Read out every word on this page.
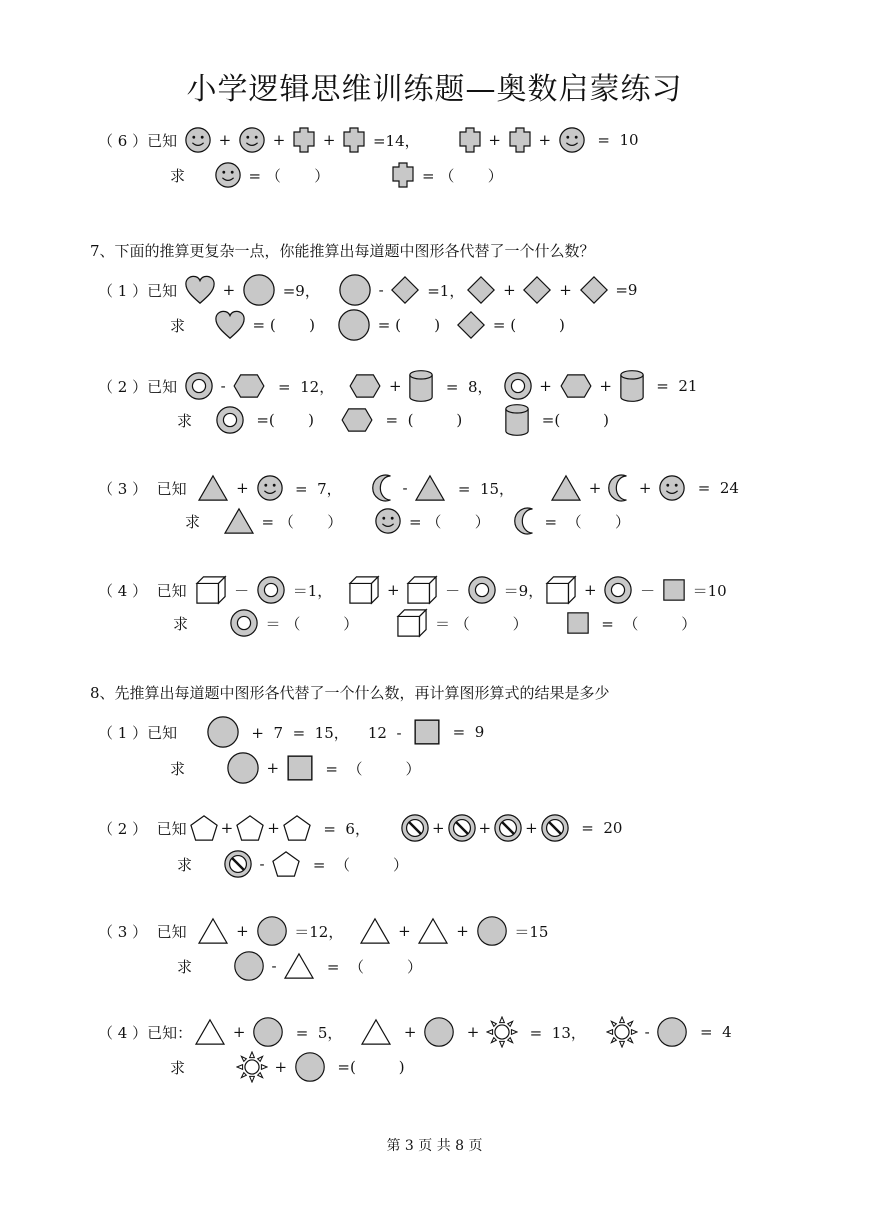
小学逻辑思维训练题—奥数启蒙练习
（ 6 ）已知 + + + =14，	+ + =  10
求	= （       ）	= （       ）
7、下面的推算更复杂一点，你能推算出每道题中图形各代替了一个什么数？
（ 1 ）已知 +	=9，	- =1， + + =9
求	= (       )	= (       )	= (         )
（ 2 ）已知 -	=  12，	+ =  8，	+	+ =  21
求	=(       )	=  (         )	=(         )
（ 3 ）  已知	+ =  7，	- =  15，	+ + =  24
求	= （       ）	= （       ）	=  （       ）
（ 4 ）  已知	－ ＝1，	+ － ＝9， + － ＝10
求	＝ （         ）	＝ （         ）	=  （         ）
8、先推算出每道题中图形各代替了一个什么数，再计算图形算式的结果是多少
（ 1 ）已知	+  7  =  15，    12  - =  9
求	+ =  （         ）
（ 2 ）  已知 + + =  6，	+ + + =  20
求	- =  （         ）
（ 3 ）  已知	+ ＝12，	+ + ＝15
求	- =  （         ）
（ 4 ）已知： + =  5，	+ + =  13，	- =  4
求	+ =(         )
第 3 页 共 8 页
